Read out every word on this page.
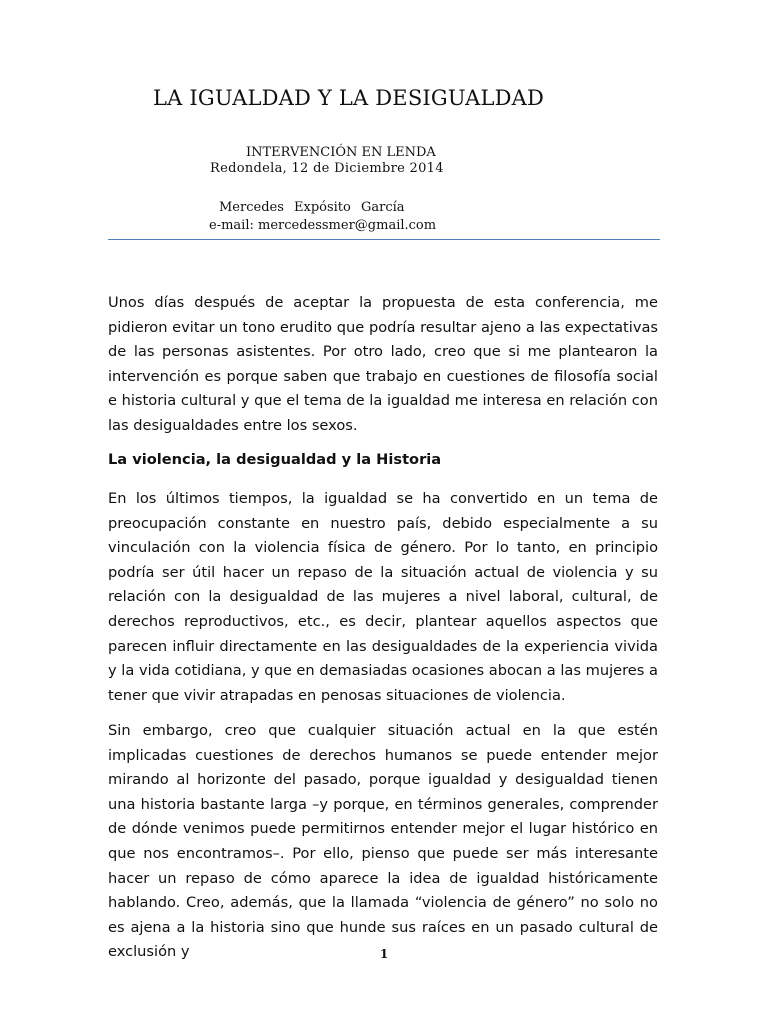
LA IGUALDAD Y LA DESIGUALDAD
INTERVENCIÓN EN LENDA
Redondela, 12 de Diciembre 2014
Mercedes Expósito García
e-mail: mercedessmer@gmail.com

Unos días después de aceptar la propuesta de esta conferencia, me pidieron evitar un tono erudito que podría resultar ajeno a las expectativas de las personas asistentes. Por otro lado, creo que si me plantearon la intervención es porque saben que trabajo en cuestiones de filosofía social e historia cultural y que el tema de la igualdad me interesa en relación con las desigualdades entre los sexos.

La violencia, la desigualdad y la Historia

En los últimos tiempos, la igualdad se ha convertido en un tema de preocupación constante en nuestro país, debido especialmente a su vinculación con la violencia física de género. Por lo tanto, en principio podría ser útil hacer un repaso de la situación actual de violencia y su relación con la desigualdad de las mujeres a nivel laboral, cultural, de derechos reproductivos, etc., es decir, plantear aquellos aspectos que parecen influir directamente en las desigualdades de la experiencia vivida y la vida cotidiana, y que en demasiadas ocasiones abocan a las mujeres a tener que vivir atrapadas en penosas situaciones de violencia.

Sin embargo, creo que cualquier situación actual en la que estén implicadas cuestiones de derechos humanos se puede entender mejor mirando al horizonte del pasado, porque igualdad y desigualdad tienen una historia bastante larga –y porque, en términos generales, comprender de dónde venimos puede permitirnos entender mejor el lugar histórico en que nos encontramos–. Por ello, pienso que puede ser más interesante hacer un repaso de cómo aparece la idea de igualdad históricamente hablando. Creo, además, que la llamada “violencia de género” no solo no es ajena a la historia sino que hunde sus raíces en un pasado cultural de exclusión y	1
